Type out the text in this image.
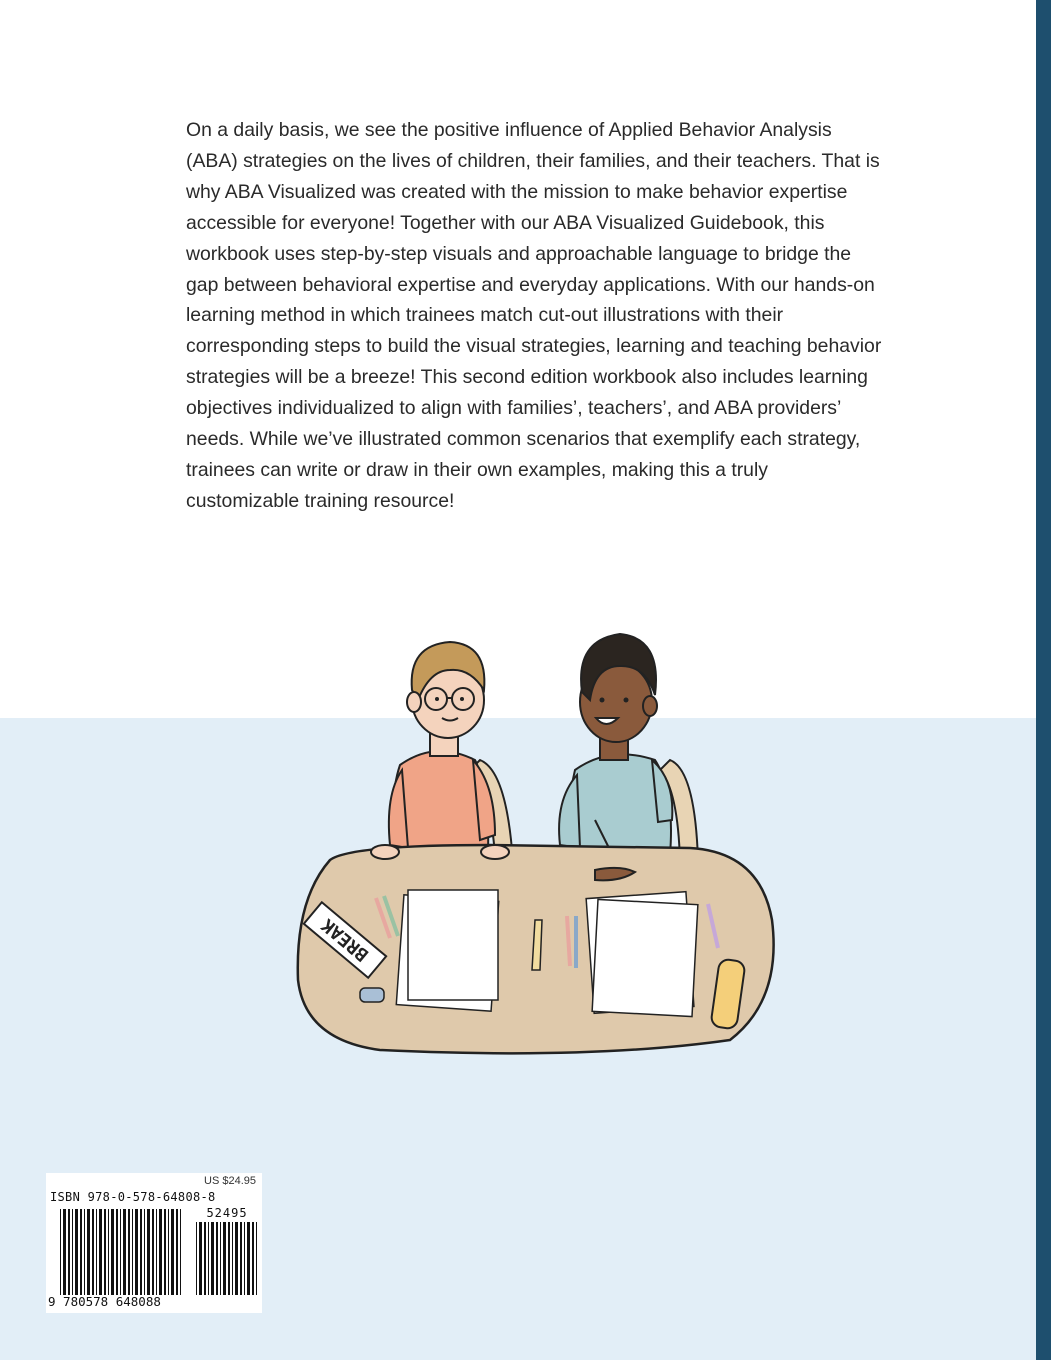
On a daily basis, we see the positive influence of Applied Behavior Analysis (ABA) strategies on the lives of children, their families, and their teachers. That is why ABA Visualized was created with the mission to make behavior expertise accessible for everyone! Together with our ABA Visualized Guidebook, this workbook uses step-by-step visuals and approachable language to bridge the gap between behavioral expertise and everyday applications. With our hands-on learning method in which trainees match cut-out illustrations with their corresponding steps to build the visual strategies, learning and teaching behavior strategies will be a breeze! This second edition workbook also includes learning objectives individualized to align with families’, teachers’, and ABA providers’ needs. While we’ve illustrated common scenarios that exemplify each strategy, trainees can write or draw in their own examples, making this a truly customizable training resource!

BREAK
US $24.95
ISBN 978-0-578-64808-8
52495
9 780578 648088
